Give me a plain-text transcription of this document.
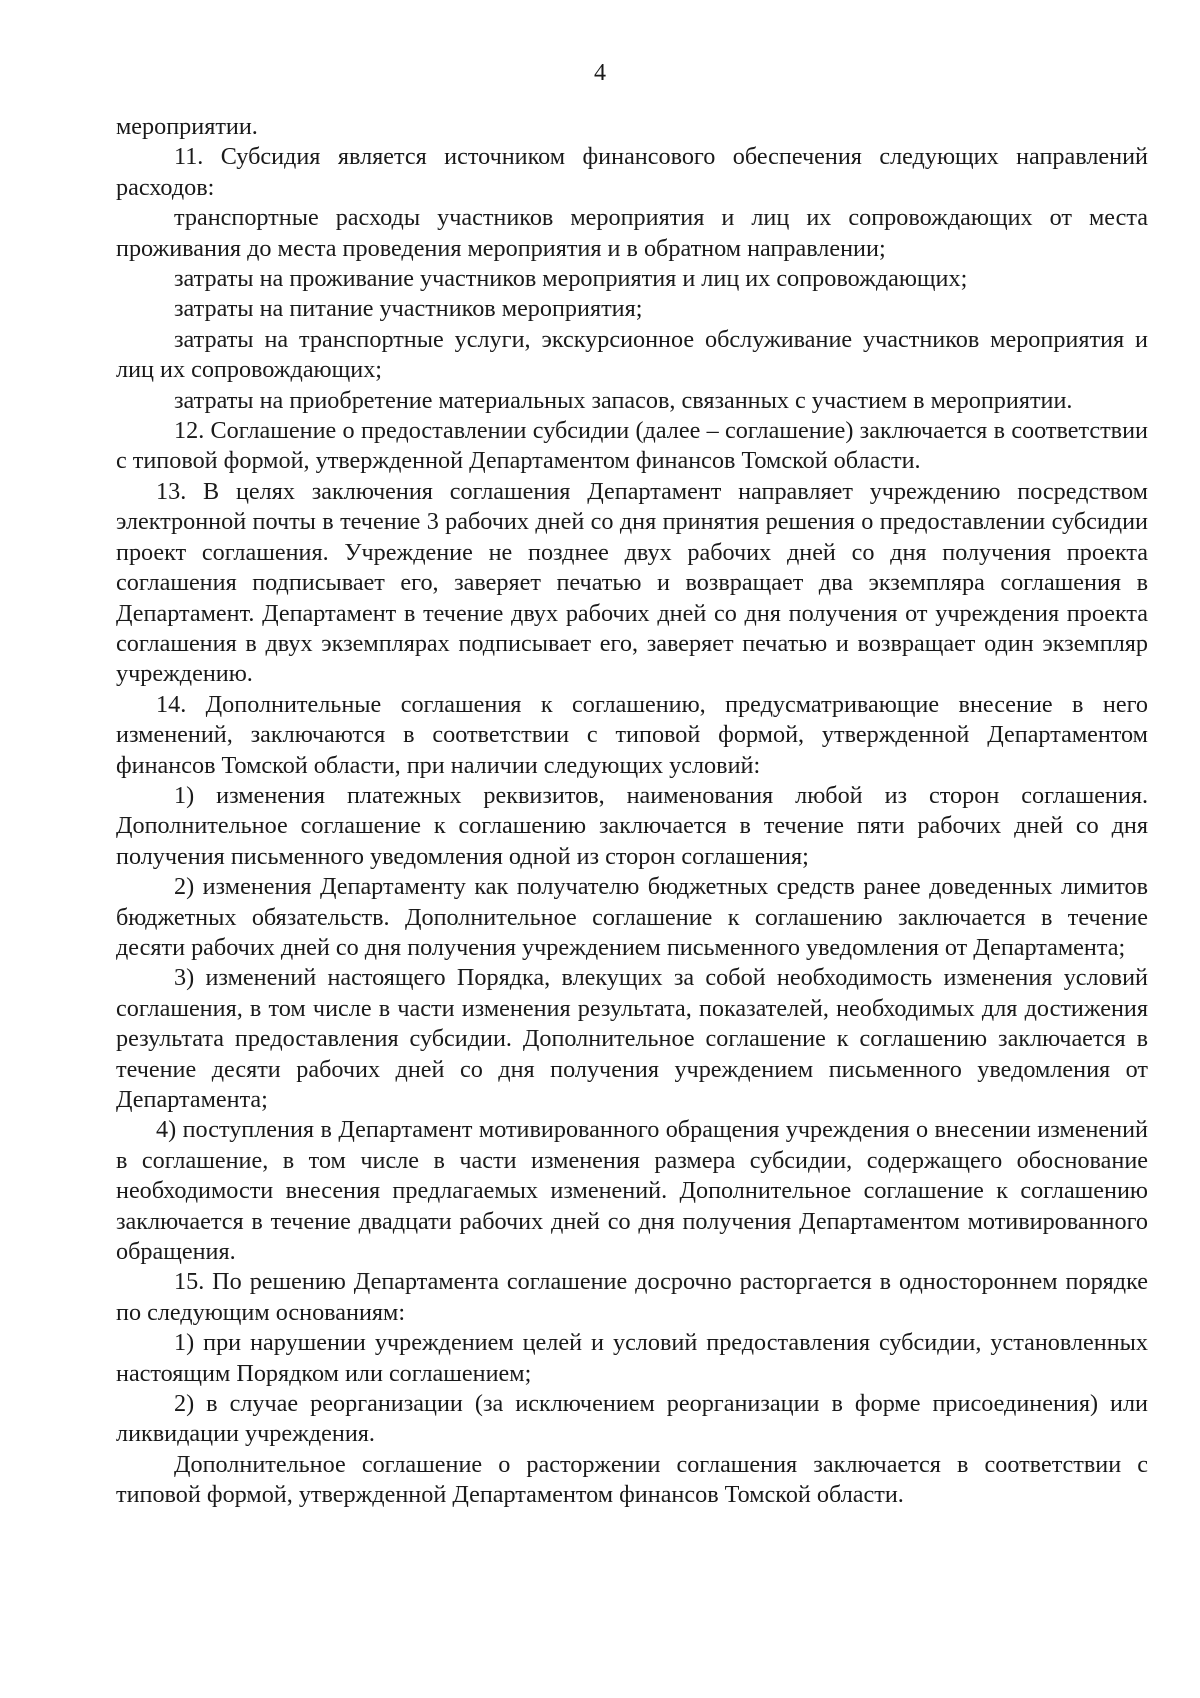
4

мероприятии.

11. Субсидия является источником финансового обеспечения следующих направлений расходов:

транспортные расходы участников мероприятия и лиц их сопровождающих от места проживания до места проведения мероприятия и в обратном направлении;

затраты на проживание участников мероприятия и лиц их сопровождающих;

затраты на питание участников мероприятия;

затраты на транспортные услуги, экскурсионное обслуживание участников мероприятия и лиц их сопровождающих;

затраты на приобретение материальных запасов, связанных с участием в мероприятии.

12. Соглашение о предоставлении субсидии (далее – соглашение) заключается в соответствии с типовой формой, утвержденной Департаментом финансов Томской области.

13. В целях заключения соглашения Департамент направляет учреждению посредством электронной почты в течение 3 рабочих дней со дня принятия решения о предоставлении субсидии проект соглашения. Учреждение не позднее двух рабочих дней со дня получения проекта соглашения подписывает его, заверяет печатью и возвращает два экземпляра соглашения в Департамент. Департамент в течение двух рабочих дней со дня получения от учреждения проекта соглашения в двух экземплярах подписывает его, заверяет печатью и возвращает один экземпляр учреждению.

14. Дополнительные соглашения к соглашению, предусматривающие внесение в него изменений, заключаются в соответствии с типовой формой, утвержденной Департаментом финансов Томской области, при наличии следующих условий:

1) изменения платежных реквизитов, наименования любой из сторон соглашения. Дополнительное соглашение к соглашению заключается в течение пяти рабочих дней со дня получения письменного уведомления одной из сторон соглашения;

2) изменения Департаменту как получателю бюджетных средств ранее доведенных лимитов бюджетных обязательств. Дополнительное соглашение к соглашению заключается в течение десяти рабочих дней со дня получения учреждением письменного уведомления от Департамента;

3) изменений настоящего Порядка, влекущих за собой необходимость изменения условий соглашения, в том числе в части изменения результата, показателей, необходимых для достижения результата предоставления субсидии. Дополнительное соглашение к соглашению заключается в течение десяти рабочих дней со дня получения учреждением письменного уведомления от Департамента;

4) поступления в Департамент мотивированного обращения учреждения о внесении изменений в соглашение, в том числе в части изменения размера субсидии, содержащего обоснование необходимости внесения предлагаемых изменений. Дополнительное соглашение к соглашению заключается в течение двадцати рабочих дней со дня получения Департаментом мотивированного обращения.

15. По решению Департамента соглашение досрочно расторгается в одностороннем порядке по следующим основаниям:

1) при нарушении учреждением целей и условий предоставления субсидии, установленных настоящим Порядком или соглашением;

2) в случае реорганизации (за исключением реорганизации в форме присоединения) или ликвидации учреждения.

Дополнительное соглашение о расторжении соглашения заключается в соответствии с типовой формой, утвержденной Департаментом финансов Томской области.
